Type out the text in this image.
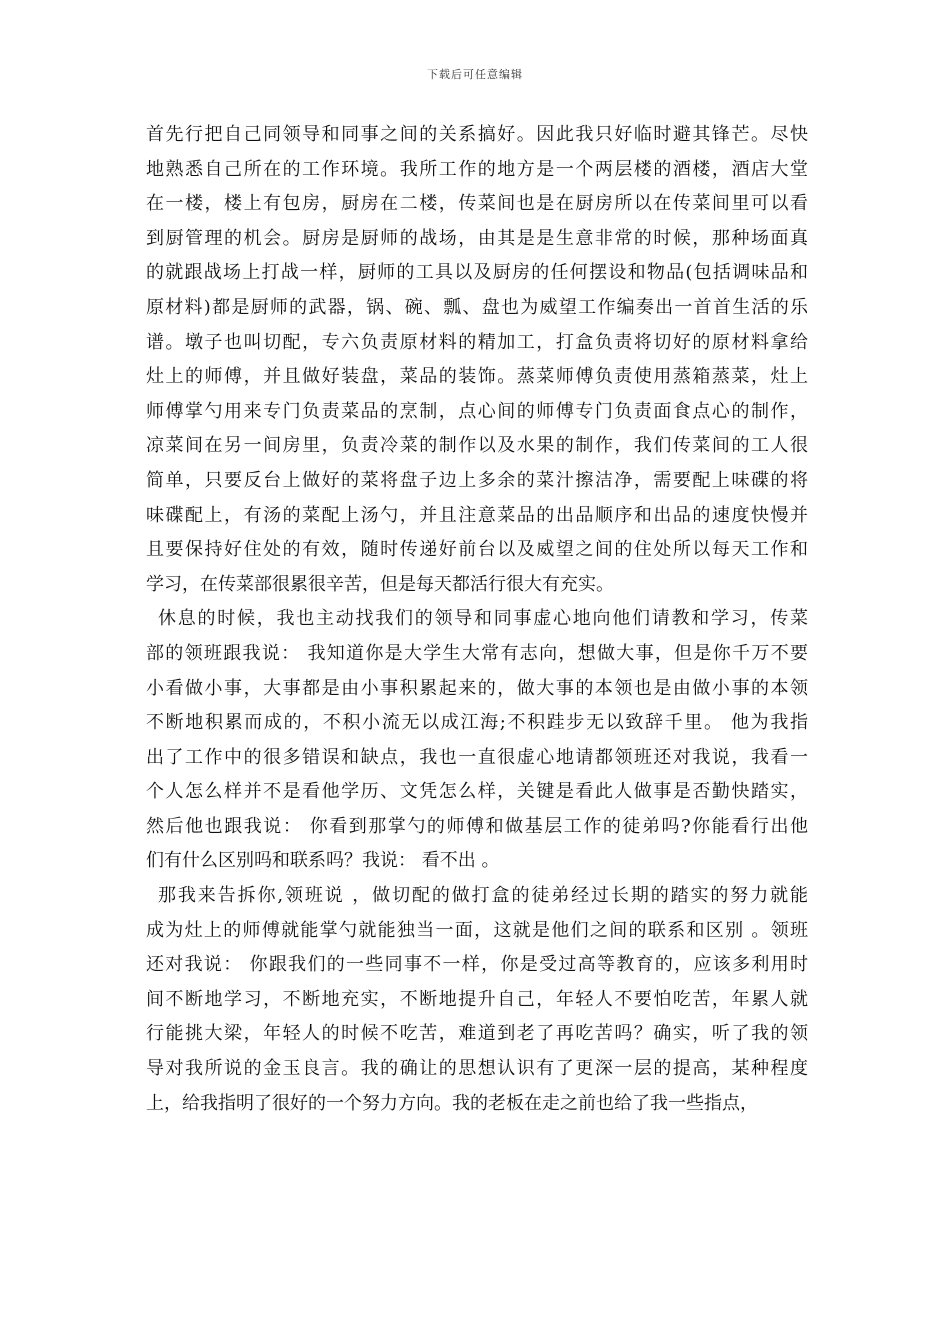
下载后可任意编辑
首先行把自己同领导和同事之间的关系搞好。因此我只好临时避其锋芒。尽快
地熟悉自己所在的工作环境。我所工作的地方是一个两层楼的酒楼，酒店大堂
在一楼，楼上有包房，厨房在二楼，传菜间也是在厨房所以在传菜间里可以看
到厨管理的机会。厨房是厨师的战场，由其是是生意非常的时候，那种场面真
的就跟战场上打战一样，厨师的工具以及厨房的任何摆设和物品(包括调味品和
原材料)都是厨师的武器，锅、碗、瓢、盘也为威望工作编奏出一首首生活的乐
谱。墩子也叫切配，专六负责原材料的精加工，打盒负责将切好的原材料拿给
灶上的师傅，并且做好装盘，菜品的装饰。蒸菜师傅负责使用蒸箱蒸菜，灶上
师傅掌勺用来专门负责菜品的烹制，点心间的师傅专门负责面食点心的制作，
凉菜间在另一间房里，负责冷菜的制作以及水果的制作，我们传菜间的工人很
简单，只要反台上做好的菜将盘子边上多余的菜汁擦洁净，需要配上味碟的将
味碟配上，有汤的菜配上汤勺，并且注意菜品的出品顺序和出品的速度快慢并
且要保持好住处的有效，随时传递好前台以及威望之间的住处所以每天工作和
学习，在传菜部很累很辛苦，但是每天都活行很大有充实。
休息的时候，我也主动找我们的领导和同事虚心地向他们请教和学习，传菜
部的领班跟我说： 我知道你是大学生大常有志向，想做大事，但是你千万不要
小看做小事，大事都是由小事积累起来的，做大事的本领也是由做小事的本领
不断地积累而成的，不积小流无以成江海;不积跬步无以致辞千里。 他为我指
出了工作中的很多错误和缺点，我也一直很虚心地请都领班还对我说，我看一
个人怎么样并不是看他学历、文凭怎么样，关键是看此人做事是否勤快踏实，
然后他也跟我说： 你看到那掌勺的师傅和做基层工作的徒弟吗?你能看行出他
们有什么区别吗和联系吗？我说： 看不出 。
那我来告拆你,领班说 ，做切配的做打盒的徒弟经过长期的踏实的努力就能
成为灶上的师傅就能掌勺就能独当一面，这就是他们之间的联系和区别 。领班
还对我说： 你跟我们的一些同事不一样，你是受过高等教育的，应该多利用时
间不断地学习，不断地充实，不断地提升自己，年轻人不要怕吃苦，年累人就
行能挑大梁，年轻人的时候不吃苦，难道到老了再吃苦吗？确实，听了我的领
导对我所说的金玉良言。我的确让的思想认识有了更深一层的提高，某种程度
上，给我指明了很好的一个努力方向。我的老板在走之前也给了我一些指点，
